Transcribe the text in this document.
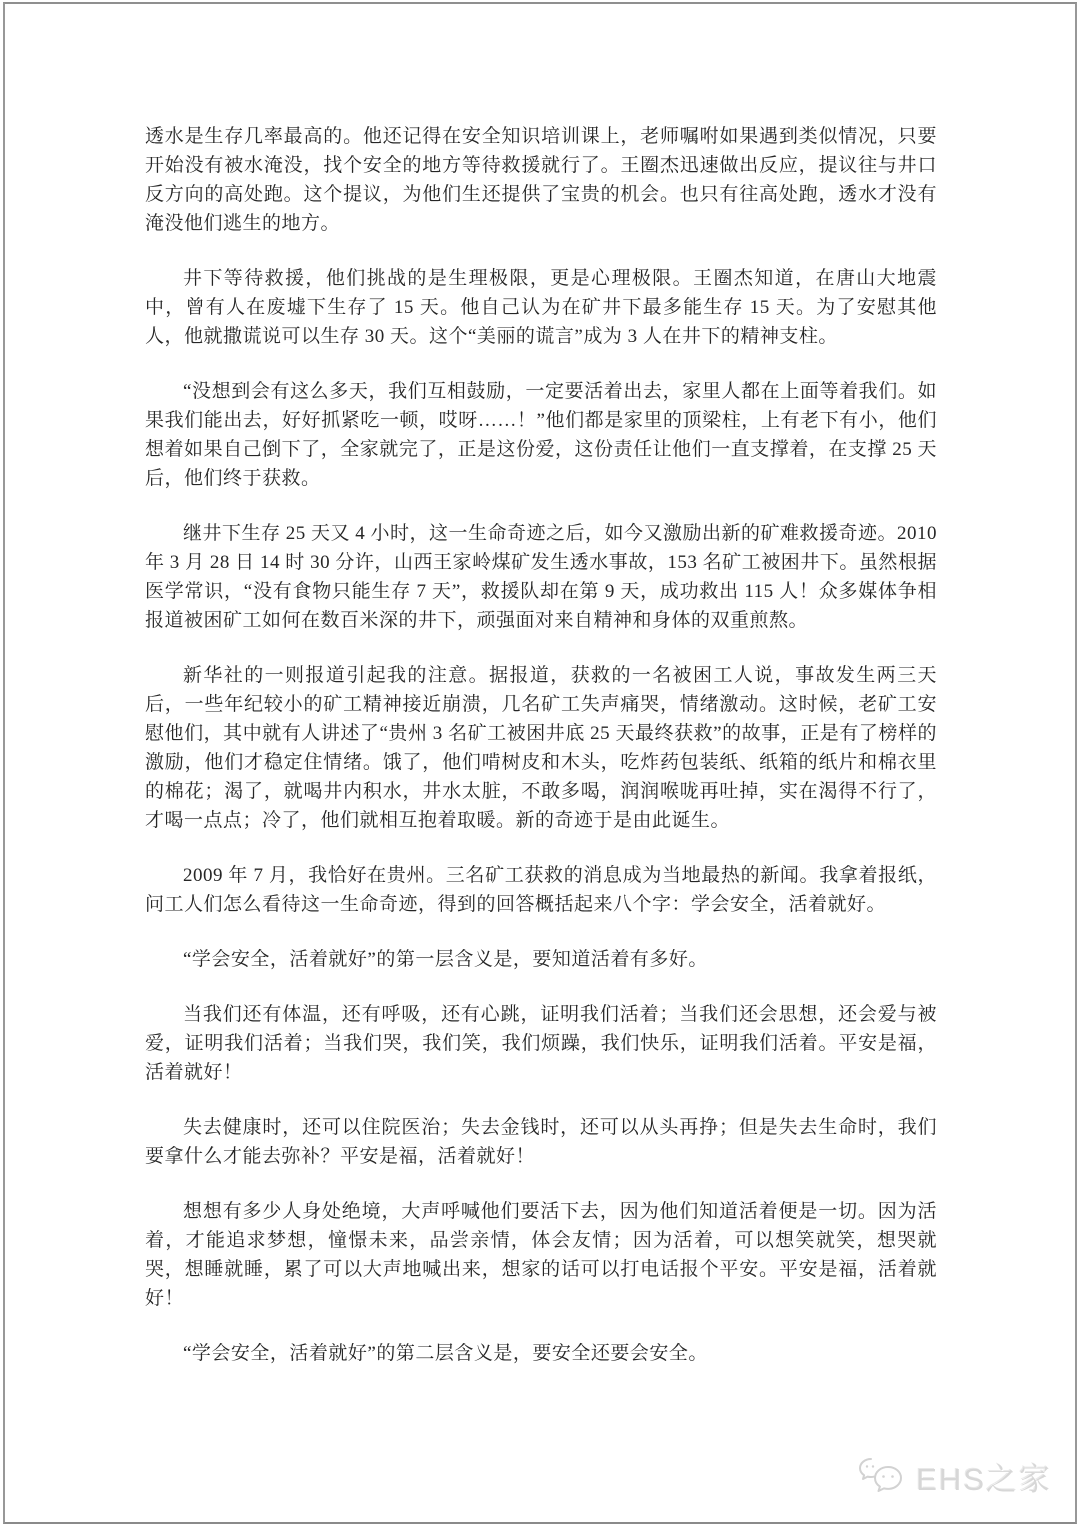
透水是生存几率最高的。他还记得在安全知识培训课上，老师嘱咐如果遇到类似情况，只要开始没有被水淹没，找个安全的地方等待救援就行了。王圈杰迅速做出反应，提议往与井口反方向的高处跑。这个提议，为他们生还提供了宝贵的机会。也只有往高处跑，透水才没有淹没他们逃生的地方。

井下等待救援，他们挑战的是生理极限，更是心理极限。王圈杰知道，在唐山大地震中，曾有人在废墟下生存了 15 天。他自己认为在矿井下最多能生存 15 天。为了安慰其他人，他就撒谎说可以生存 30 天。这个“美丽的谎言”成为 3 人在井下的精神支柱。

“没想到会有这么多天，我们互相鼓励，一定要活着出去，家里人都在上面等着我们。如果我们能出去，好好抓紧吃一顿，哎呀……！”他们都是家里的顶梁柱，上有老下有小，他们想着如果自己倒下了，全家就完了，正是这份爱，这份责任让他们一直支撑着，在支撑 25 天后，他们终于获救。

继井下生存 25 天又 4 小时，这一生命奇迹之后，如今又激励出新的矿难救援奇迹。2010 年 3 月 28 日 14 时 30 分许，山西王家岭煤矿发生透水事故，153 名矿工被困井下。虽然根据医学常识，“没有食物只能生存 7 天”，救援队却在第 9 天，成功救出 115 人！众多媒体争相报道被困矿工如何在数百米深的井下，顽强面对来自精神和身体的双重煎熬。

新华社的一则报道引起我的注意。据报道，获救的一名被困工人说，事故发生两三天后，一些年纪较小的矿工精神接近崩溃，几名矿工失声痛哭，情绪激动。这时候，老矿工安慰他们，其中就有人讲述了“贵州 3 名矿工被困井底 25 天最终获救”的故事，正是有了榜样的激励，他们才稳定住情绪。饿了，他们啃树皮和木头，吃炸药包装纸、纸箱的纸片和棉衣里的棉花；渴了，就喝井内积水，井水太脏，不敢多喝，润润喉咙再吐掉，实在渴得不行了，才喝一点点；冷了，他们就相互抱着取暖。新的奇迹于是由此诞生。

2009 年 7 月，我恰好在贵州。三名矿工获救的消息成为当地最热的新闻。我拿着报纸，问工人们怎么看待这一生命奇迹，得到的回答概括起来八个字：学会安全，活着就好。

“学会安全，活着就好”的第一层含义是，要知道活着有多好。

当我们还有体温，还有呼吸，还有心跳，证明我们活着；当我们还会思想，还会爱与被爱，证明我们活着；当我们哭，我们笑，我们烦躁，我们快乐，证明我们活着。平安是福，活着就好！

失去健康时，还可以住院医治；失去金钱时，还可以从头再挣；但是失去生命时，我们要拿什么才能去弥补？平安是福，活着就好！

想想有多少人身处绝境，大声呼喊他们要活下去，因为他们知道活着便是一切。因为活着，才能追求梦想，憧憬未来，品尝亲情，体会友情；因为活着，可以想笑就笑，想哭就哭，想睡就睡，累了可以大声地喊出来，想家的话可以打电话报个平安。平安是福，活着就好！

“学会安全，活着就好”的第二层含义是，要安全还要会安全。

EHS之家
